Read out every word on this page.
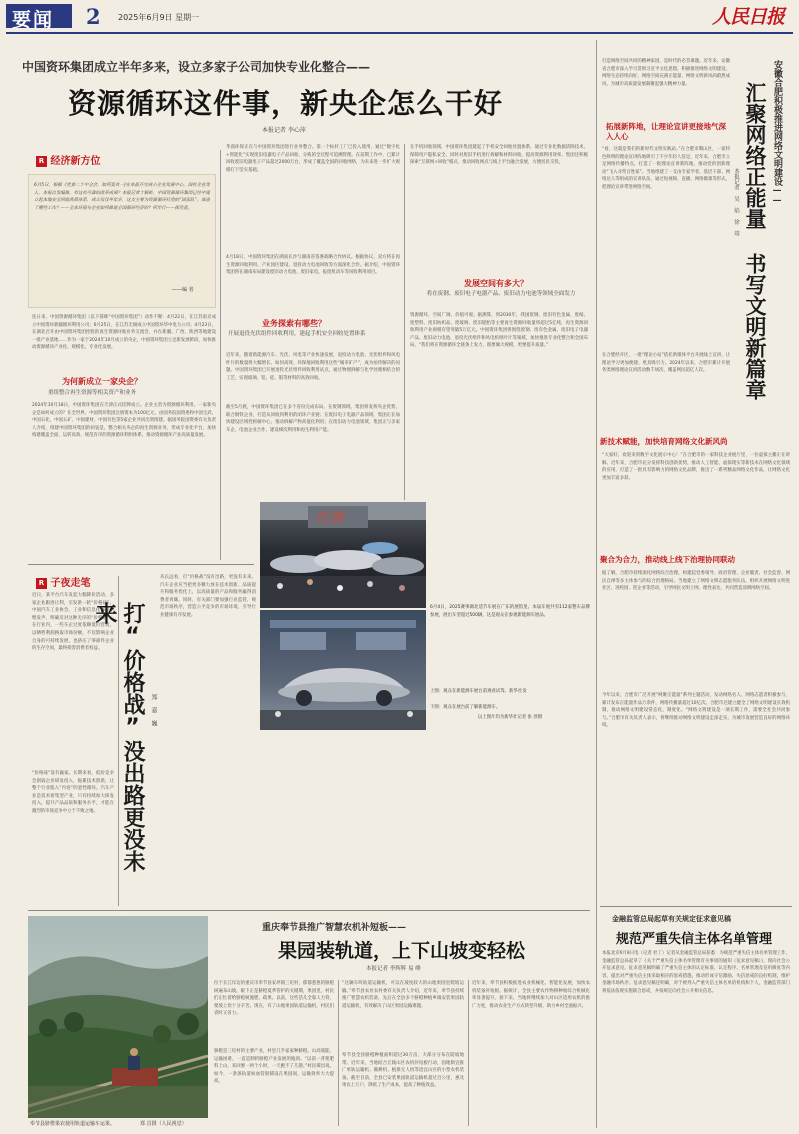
要闻 2 2025年6月9日 星期一	人民日报
中国资环集团成立半年多来，设立多家子公司加快专业化整合——
资源循环这件事，新央企怎么干好
本报记者 李心萍
R 经济新方位
6月5日，根据《党委二十中全会，如何变有一]在本报开完成小企业发展中心，国有企业等人，本报以发编推，有这有可靠的改革成果？本报记者十解析，中国资源循环集团已经中建立起本地安全回收高质体系，成立仅仅半年多，这支主要为资源循环打造的“国家队”，准备了哪些工作？——全本环境与企业如何推进全国循环经济的？何步行——探究竟。
——编 者
连日来，中国资源循环集团（以下简称“中国资环集团”）动作不断：4月22日，在江苏南京成立中国资环新疆循环利用公司；6月25日，在江苏无锡成立中国资环华中电力公司；4月23日，在湖北召开由中国资环集团控股的再生资源回收业务交流会，并在新疆、广西、陕西等地建设一批产业基地……作为一家于2024年10月成立的央企，中国资环集团立足新发展阶段，加快推动资源循环产业化、规模化、专业化发展。
为何新成立一家央企？
重组整合再生资源等相关资产和业务
2024年10月18日，中国资环集团在天津正式挂牌成立。企业主责为资源循环利用。一家新央企是如何成立的？在全世界，中国资环集团注册资本为100亿元，由国务院国资委和中国宝武、中国石化、中国五矿、中国建材、中国有色等5家企业共同出资组建。据国务院国资委有关负责人介绍，组建中国资环集团的初衷是，整合相关央企的再生资源业务，形成专业化平台，加快构建覆盖全面、运转高效、规范有序的资源循环利用体系，推动资源循环产业高质量发展。
华润环保正在与中国资环集团进行业务整合。第一个标杆工厂已投入使用，通过“数字化+智能化”实现废旧电器电子产品回收、分拣的全过程可追溯管理。在前期工作中，已累计回收废旧电器电子产品超过2000万台，形成了覆盖全国的回收网络，为未来进一步扩大规模打下坚实基础。
4月18日，中国资环集团在湖南长沙与湖南省签署战略合作协议。根据协议，双方将在再生资源回收利用、产业园区建设、退役动力电池回收等方面深化合作。据介绍，中国资环集团将在湖南布局建设废旧动力电池、废旧家电、报废机动车等回收利用项目。
业务探索有哪些？
开展退役光伏组件回收利用，建起手机安全回收处置体系
近年来，随着新能源汽车、光伏、风电等产业快速发展，退役动力电池、光伏组件和风电叶片的数量将大幅增长。如何高效、环保地回收利用这些“城市矿产”，成为亟待解决的问题。中国资环集团已开展退役光伏组件回收利用试点，通过物理拆解与化学处理相结合的工艺，实现玻璃、铝、硅、银等材料的高效回收。
截至5月底，中国资环集团已在多个省份完成布局。在废钢领域，集团将发挥央企优势，联合钢铁企业，打造从回收到利用的闭环产业链；在废旧电子电器产品领域，集团正在加快建设区域性拆解中心，推动拆解产物高值化利用；在废旧动力电池领域，集团正与多家车企、电池企业合作，建设梯次利用和再生利用产能。
在手机回收领域，中国资环集团建起了手机安全回收处置体系，通过专业化数据清除技术，保障用户隐私安全，同时对废旧手机进行拆解和材料回收，提高资源利用效率。集团还积极探索“互联网+回收”模式，推动回收网点与线上平台融合发展，方便居民交投。
发展空间有多大？
将在废钢、废旧电子电器产品、废旧动力电池等领域全面发力
资源循环，空间广阔、价值可观。据测算，到2030年，我国废钢、废旧有色金属、废纸、废塑料、废旧纺织品、废玻璃、废旧轮胎等主要再生资源回收量将超过5亿吨，再生资源回收利用产业规模有望突破5万亿元。中国资环集团将围绕废钢、废有色金属、废旧电子电器产品、废旧动力电池、退役光伏组件和风电机组叶片等领域，加快推进专业化整合和全国布局。“我们将在资源循环全链条上发力，既要做大规模，更要提升质量。”
红旗
6月4日，2025赛事湖北适节车展在广东的展馆里。本届车展共有112家整车品牌参展，展出车型超过500辆，这是观众在参观新能源车展品。
上图：观众在新能源车展台前观看试驾。新华社发
下图：观众在展台前了解新能源车。
以上图片均为新华社记者 张 淳摄
R 子夜走笔
近日，某平台汽车发起大幅降价活动，多家企业跟进让利，引发新一轮“价格战”。中国汽车工业协会、工业和信息化部等相继发声，明确反对这种无序的“价格战”。在行业内，一些车企过度依赖低价营销，以牺牲利润换取市场份额，不仅影响企业自身的可持续发展，也挤压了零部件企业的生存空间，最终损害消费者权益。
“价格战”没有赢家。长期来看，低价竞争会削弱企业研发投入，拖累技术创新，让整个行业陷入“内卷”的恶性循环。汽车产业是技术密集型产业，只有持续加大研发投入，提升产品品质和服务水平，才能在激烈的市场竞争中立于不败之地。	打“价格战”没出路更没未来
郑 嘉 巍
从长远看，打“价格战”没有出路，更没有未来。汽车企业应当把更多精力放在技术创新、品质提升和服务优化上，以高质量的产品和服务赢得消费者青睐。同时，有关部门要加强行业监管，规范市场秩序，营造公平竞争的市场环境，引导行业健康有序发展。
重庆奉节县推广智慧农机补短板——
果园装轨道，上下山坡变轻松
本报记者 李辉辉 易 峰
奉节县脐橙果农使用轨道运输车运果。	郑 昌摄（人民视觉）
位于长江岸边的重庆市奉节县安坪镇三坨村，郁郁葱葱的脐橙树遍布山坡。眼下正是脐橙夏季管护的关键期，果园里，村民们正忙着给脐橙树施肥、疏果。以前，这些活儿全靠人力背，爬坡上坎十分辛苦。现在，有了山地果园轨道运输机，村民们省时又省力。
脐橙是三坨村的主要产业，村里几乎家家种脐橙。山高坡陡、运输困难，一直是制约脐橙产业发展的瓶颈。“以前一背篼肥料上山，来回要一两个小时，一天跑不了几趟。”村民谭昌说。如今，一条条轨道如血管般铺设在果园间，运输效率大大提高。
“这辆车叫轨道运输机，可以在坡度较大的山地果园里爬坡运输。”奉节县农业农村委有关负责人介绍，近年来，奉节县持续推广智慧农机装备，先后在全县多个脐橙种植乡镇安装果园轨道运输机，有效解决了山区果园运输难题。
奉节县全县脐橙种植面积超过30万亩，大部分分布在陡坡地带。近年来，当地结合丘陵山区农机补短板行动，因地制宜推广单轨运输机、微耕机、植保无人机等适宜山区的小型农机装备。截至目前，全县已安装果园轨道运输机超过百公里，惠及果农上万户，降低了生产成本，提高了种植效益。
近年来，奉节县积极推进农业机械化、智能化发展，加快农机装备补短板。据统计，全县主要农作物耕种收综合机械化率显著提升。接下来，当地将继续加大对山区适用农机的推广力度，推动农业生产方式转型升级，助力乡村全面振兴。
打造网络空间共同的精神家园，是时代的必答课题。近年来，安徽省合肥市深入学习贯彻习近平文化思想，积极推进网络文明建设，网络生态持续向好，网络空间充满正能量，网络文明新风尚蔚然成风，为城市高质量发展凝聚起强大精神力量。	安徽合肥积极推进网络文明建设——
汇聚网络正能量 书写文明新篇章
本报记者 吴 焰 徐 靖
拓展新阵地，让理论宣讲更接地气深入人心
“看，这就是我们的新时代文明实践站。”在合肥市蜀山区，一家特色鲜明的理论宣讲阵地吸引了不少年轻人驻足。近年来，合肥市立足网络传播特点，打造了一批理论宣讲新阵地，推动党的创新理论“飞入寻常百姓家”。当地组建了一支由专家学者、基层干部、网络达人等组成的宣讲队伍，通过短视频、直播、网络微课等形式，把理论宣讲带进网络空间。
在合肥经开区，一批“理论小站”依托新媒体平台开展线上宣讲，让理论学习更加便捷、更具吸引力。2024年以来，合肥市累计开展各类网络理论宣讲活动数千场次，覆盖网民超亿人次。
新技术赋能，加快培育网络文化新风尚
“大家好，欢迎来到数字文化展示中心！”在合肥市的一家科技企业展厅里，一位虚拟主播正在讲解。近年来，合肥市充分发挥科技创新优势，推动人工智能、虚拟现实等新技术在网络文化领域的应用，打造了一批具有影响力的网络文化品牌，推出了一系列精品网络文化作品，让网络文化更加丰富多彩。
聚合为合力，推动线上线下治理协同联动
据了解，合肥市持续深化网络综合治理，构建起党委领导、政府管理、企业履责、社会监督、网民自律等多主体参与的综合治理格局。当地建立了网络文明志愿服务队伍，组织开展网络文明进社区、进校园、进企业等活动，引导网民文明上网、理性表达，共同营造清朗网络空间。
今年以来，合肥市广泛开展“网聚正能量”系列主题活动，发动网络名人、网络志愿者积极参与，累计发布正能量作品万余件，网络传播量超过10亿次。合肥市还建立健全了网络文明建设长效机制，推动网络文明建设常态化、制度化。“网络文明建设是一项长期工作，需要全社会共同参与。”合肥市有关负责人表示，将继续推动网络文明建设走深走实，为城市发展营造良好的网络环境。
金融监管总局起草有关规定征求意见稿
规范严重失信主体名单管理
本报北京6月8日电（记者 杜丁）记者从金融监管总局获悉：为规范严重失信主体名单管理工作，金融监管总局起草了《关于严重失信主体名单管理有关事项的通知（征求意见稿）》，现向社会公开征求意见。征求意见稿明确了严重失信主体的认定标准、认定程序、名单管理及信用修复等内容，提出对严重失信主体采取相应的惩戒措施，推动形成守信激励、失信惩戒的良好机制，维护金融市场秩序。征求意见稿还明确，对于被列入严重失信主体名单的机构和个人，金融监管部门将依法依规实施联合惩戒，并按规定向社会公开相关信息。
